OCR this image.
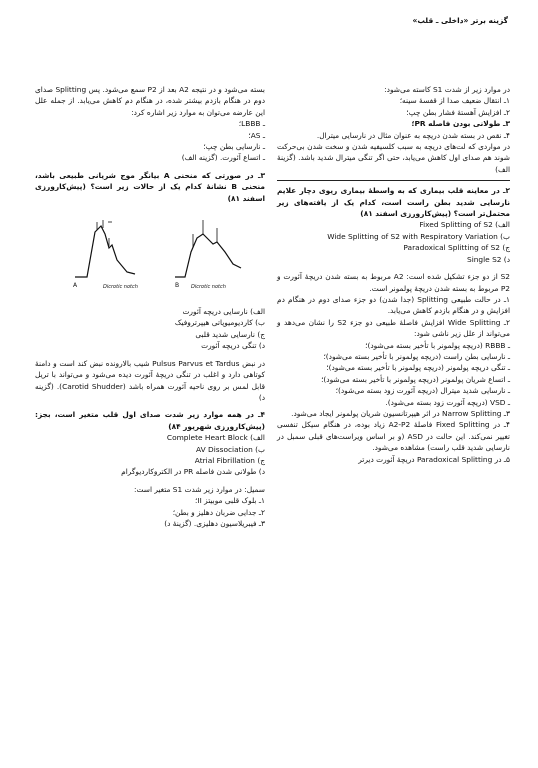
گزینه برتر «داخلی ـ قلب»

در موارد زیر از شدت S1 کاسته می‌شود:

۱ـ انتقال ضعیف صدا از قفسهٔ سینه؛

۲ـ افزایش آهستهٔ فشار بطن چپ؛

۳ـ طولانی بودن فاصله PR؛

۴ـ نقص در بسته شدن دریچه به عنوان مثال در نارسایی میترال.

در مواردی که لت‌های دریچه به سبب کلسیفیه شدن و سخت شدن بی‌حرکت شوند هم صدای اول کاهش می‌یابد، حتی اگر تنگی میترال شدید باشد. (گزینهٔ الف)

۲ـ در معاینه قلب بیماری که به واسطهٔ بیماری ریوی دچار علایم نارسایی شدید بطن راست است، کدام یک از یافته‌های زیر محتمل‌تر است؟ (پیش‌کارورزی اسفند ۸۱)

Fixed Splitting of S2 (الف

Wide Splitting of S2 with Respiratory Variation (ب

Paradoxical Splitting of S2 (ج

Single S2 (د

S2 از دو جزء تشکیل شده است: A2 مربوط به بسته شدن دریچهٔ آئورت و P2 مربوط به بسته شدن دریچهٔ پولمونر است.

۱ـ در حالت طبیعی Splitting (جدا شدن) دو جزء صدای دوم در هنگام دم افزایش و در هنگام بازدم کاهش می‌یابد.

۲ـ Wide Splitting افزایش فاصلهٔ طبیعی دو جزء S2 را نشان می‌دهد و می‌تواند از علل زیر ناشی شود:

ـ RBBB (دریچه پولمونر با تأخیر بسته می‌شود)؛

ـ نارسایی بطن راست (دریچه پولمونر با تأخیر بسته می‌شود)؛

ـ تنگی دریچه پولمونر (دریچه پولمونر با تأخیر بسته می‌شود)؛

ـ اتساع شریان پولمونر (دریچه پولمونر با تأخیر بسته می‌شود)؛

ـ نارسایی شدید میترال (دریچه آئورت زود بسته می‌شود)؛

ـ VSD (دریچه آئورت زود بسته می‌شود).

۳ـ Narrow Splitting در اثر هیپرتانسیون شریان پولمونر ایجاد می‌شود.

۴ـ در Fixed Splitting فاصلهٔ A2-P2 زیاد بوده، در هنگام سیکل تنفسی تغییر نمی‌کند. این حالت در ASD (و بر اساس ویراست‌های قبلی سمبل در نارسایی شدید قلب راست) مشاهده می‌شود.

۵ـ در Paradoxical Splitting دریچهٔ آئورت دیرتر

بسته می‌شود و در نتیجه A2 بعد از P2 سمع می‌شود. پس Splitting صدای دوم در هنگام بازدم بیشتر شده، در هنگام دم کاهش می‌یابد. از جمله علل این عارضه می‌توان به موارد زیر اشاره کرد:

ـ LBBB؛

ـ AS؛

ـ نارسایی بطن چپ؛

ـ اتساع آئورت. (گزینه الف)

۳ـ در صورتی که منحنی A بیانگر موج شریانی طبیعی باشد، منحنی B نشانهٔ کدام یک از حالات زیر است؟ (پیش‌کارورزی اسفند ۸۱)

A	Dicrotic notch	B Dicrotic notch

الف) نارسایی دریچه آئورت

ب) کاردیومیوپاتی هیپرتروفیک

ج) نارسایی شدید قلبی

د) تنگی دریچه آئورت

در نبض Pulsus Parvus et Tardus شیب بالارونده نبض کند است و دامنهٔ کوتاهی دارد و اغلب در تنگی دریچهٔ آئورت دیده می‌شود و می‌تواند با تریل قابل لمس بر روی ناحیه آئورت همراه باشد (Carotid Shudder). (گزینه د)

۴ـ در همه موارد زیر شدت صدای اول قلب متغیر است، بجز: (پیش‌کارورزی شهریور ۸۴)

Complete Heart Block (الف

AV Dissociation (ب

Atrial Fibrillation (ج

د) طولانی شدن فاصله PR در الکتروکاردیوگرام

سمیل: در موارد زیر شدت S1 متغیر است:

۱ـ بلوک قلبی موبیتز II؛

۲ـ جدایی ضربان دهلیز و بطن؛

۳ـ فیبریلاسیون دهلیزی. (گزینهٔ د)
